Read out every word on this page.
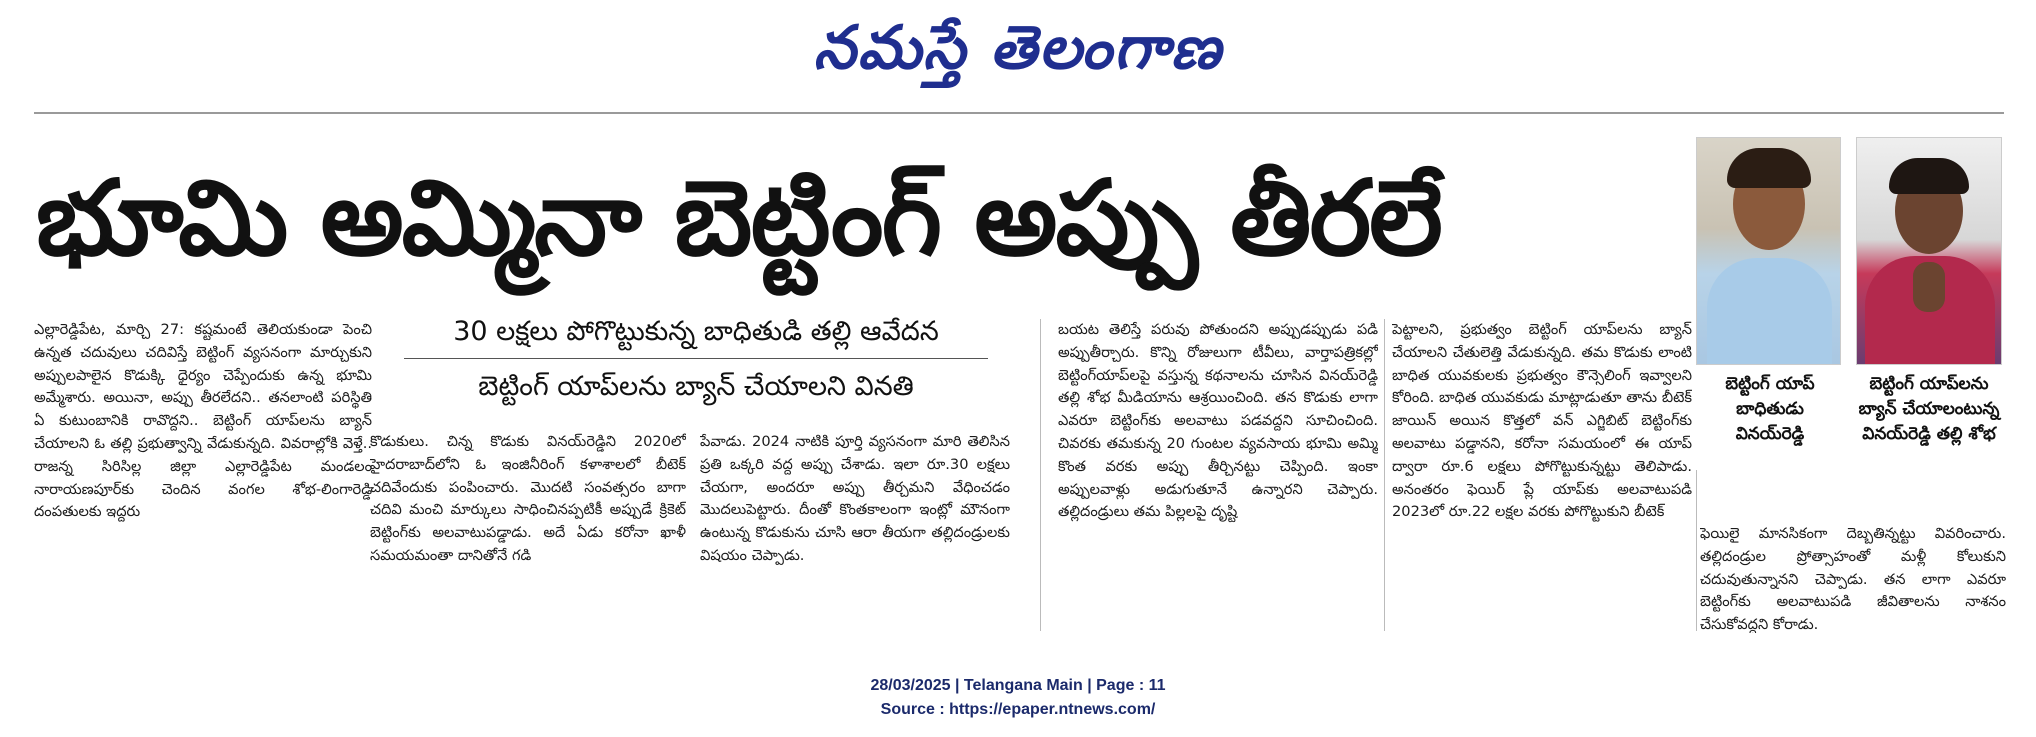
నమస్తే తెలంగాణ
భూమి అమ్మినా బెట్టింగ్ అప్పు తీరలే
బెట్టింగ్ యాప్ బాధితుడు వినయ్‌రెడ్డి
బెట్టింగ్ యాప్‌లను బ్యాన్ చేయాలంటున్న వినయ్‌రెడ్డి తల్లి శోభ
30 లక్షలు పోగొట్టుకున్న బాధితుడి తల్లి ఆవేదన
బెట్టింగ్ యాప్‌లను బ్యాన్ చేయాలని వినతి

ఎల్లారెడ్డిపేట, మార్చి 27: కష్టమంటే తెలియకుండా పెంచి ఉన్నత చదువులు చదివిస్తే బెట్టింగ్ వ్యసనంగా మార్చుకుని అప్పులపాలైన కొడుక్కి ధైర్యం చెప్పేందుకు ఉన్న భూమి అమ్మేశారు. అయినా, అప్పు తీరలేదని.. తనలాంటి పరిస్థితి ఏ కుటుంబానికి రావొద్దని.. బెట్టింగ్ యాప్‌లను బ్యాన్ చేయాలని ఓ తల్లి ప్రభుత్వాన్ని వేడుకున్నది. వివరాల్లోకి వెళ్తే.. రాజన్న సిరిసిల్ల జిల్లా ఎల్లారెడ్డిపేట మండలం నారాయణపూర్‌కు చెందిన వంగల శోభ-లింగారెడ్డి దంపతులకు ఇద్దరు

కొడుకులు. చిన్న కొడుకు వినయ్‌రెడ్డిని 2020లో హైదరాబాద్‌లోని ఓ ఇంజినీరింగ్ కళాశాలలో బీటెక్ చదివేందుకు పంపించారు. మొదటి సంవత్సరం బాగా చదివి మంచి మార్కులు సాధించినప్పటికీ అప్పుడే క్రికెట్ బెట్టింగ్‌కు అలవాటుపడ్డాడు. అదే ఏడు కరోనా ఖాళీ సమయమంతా దానితోనే గడి

పేవాడు. 2024 నాటికి పూర్తి వ్యసనంగా మారి తెలిసిన ప్రతి ఒక్కరి వద్ద అప్పు చేశాడు. ఇలా రూ.30 లక్షలు చేయగా, అందరూ అప్పు తీర్చమని వేధించడం మొదలుపెట్టారు. దీంతో కొంతకాలంగా ఇంట్లో మౌనంగా ఉంటున్న కొడుకును చూసి ఆరా తీయగా తల్లిదండ్రులకు విషయం చెప్పాడు.

బయట తెలిస్తే పరువు పోతుందని అప్పుడప్పుడు పడి అప్పుతీర్చారు. కొన్ని రోజులుగా టీవీలు, వార్తాపత్రికల్లో బెట్టింగ్‌యాప్‌లపై వస్తున్న కథనాలను చూసిన వినయ్‌రెడ్డి తల్లి శోభ మీడియాను ఆశ్రయించింది. తన కొడుకు లాగా ఎవరూ బెట్టింగ్‌కు అలవాటు పడవద్దని సూచించింది. చివరకు తమకున్న 20 గుంటల వ్యవసాయ భూమి అమ్మి కొంత వరకు అప్పు తీర్చినట్టు చెప్పింది. ఇంకా అప్పులవాళ్లు అడుగుతూనే ఉన్నారని చెప్పారు. తల్లిదండ్రులు తమ పిల్లలపై దృష్టి

పెట్టాలని, ప్రభుత్వం బెట్టింగ్ యాప్‌లను బ్యాన్ చేయాలని చేతులెత్తి వేడుకున్నది. తమ కొడుకు లాంటి బాధిత యువకులకు ప్రభుత్వం కౌన్సెలింగ్ ఇవ్వాలని కోరింది. బాధిత యువకుడు మాట్లాడుతూ తాను బీటెక్ జాయిన్ అయిన కొత్తలో వన్ ఎగ్జిబిట్ బెట్టింగ్‌కు అలవాటు పడ్డానని, కరోనా సమయంలో ఈ యాప్ ద్వారా రూ.6 లక్షలు పోగొట్టుకున్నట్టు తెలిపాడు. అనంతరం ఫెయిర్ ప్లే యాప్‌కు అలవాటుపడి 2023లో రూ.22 లక్షల వరకు పోగొట్టుకుని బీటెక్

ఫెయిలై మానసికంగా దెబ్బతిన్నట్టు వివరించారు. తల్లిదండ్రుల ప్రోత్సాహంతో మళ్లీ కోలుకుని చదువుతున్నానని చెప్పాడు. తన లాగా ఎవరూ బెట్టింగ్‌కు అలవాటుపడి జీవితాలను నాశనం చేసుకోవద్దని కోరాడు.

28/03/2025 | Telangana Main | Page : 11
Source : https://epaper.ntnews.com/
